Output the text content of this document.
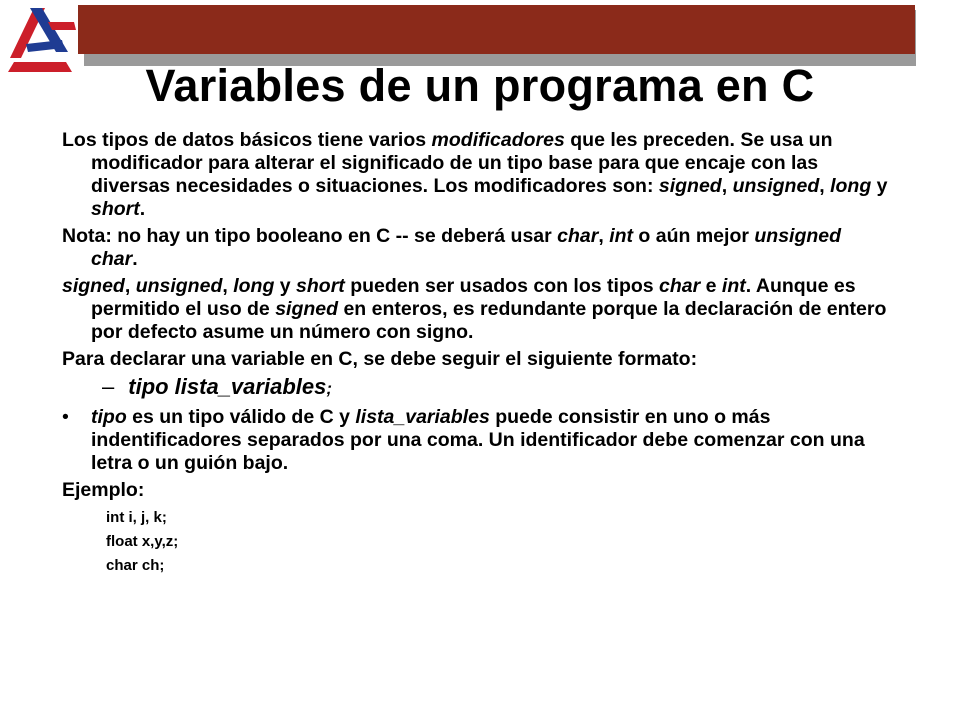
Variables de un programa en C

Los tipos de datos básicos tiene varios modificadores que les preceden. Se usa un modificador para alterar el significado de un tipo base para que encaje con las diversas necesidades o situaciones. Los modificadores son: signed, unsigned, long y short.

Nota: no hay un tipo booleano en C -- se deberá usar char, int o aún mejor unsigned char.

signed, unsigned, long y short pueden ser usados con los tipos char e int. Aunque es permitido el uso de signed en enteros, es redundante porque la declaración de entero por defecto asume un número con signo.

Para declarar una variable en C, se debe seguir el siguiente formato:

– tipo lista_variables;
• tipo es un tipo válido de C y lista_variables puede consistir en uno o más indentificadores separados por una coma. Un identificador debe comenzar con una letra o un guión bajo.

Ejemplo:

int i, j, k;
float x,y,z;
char ch;
